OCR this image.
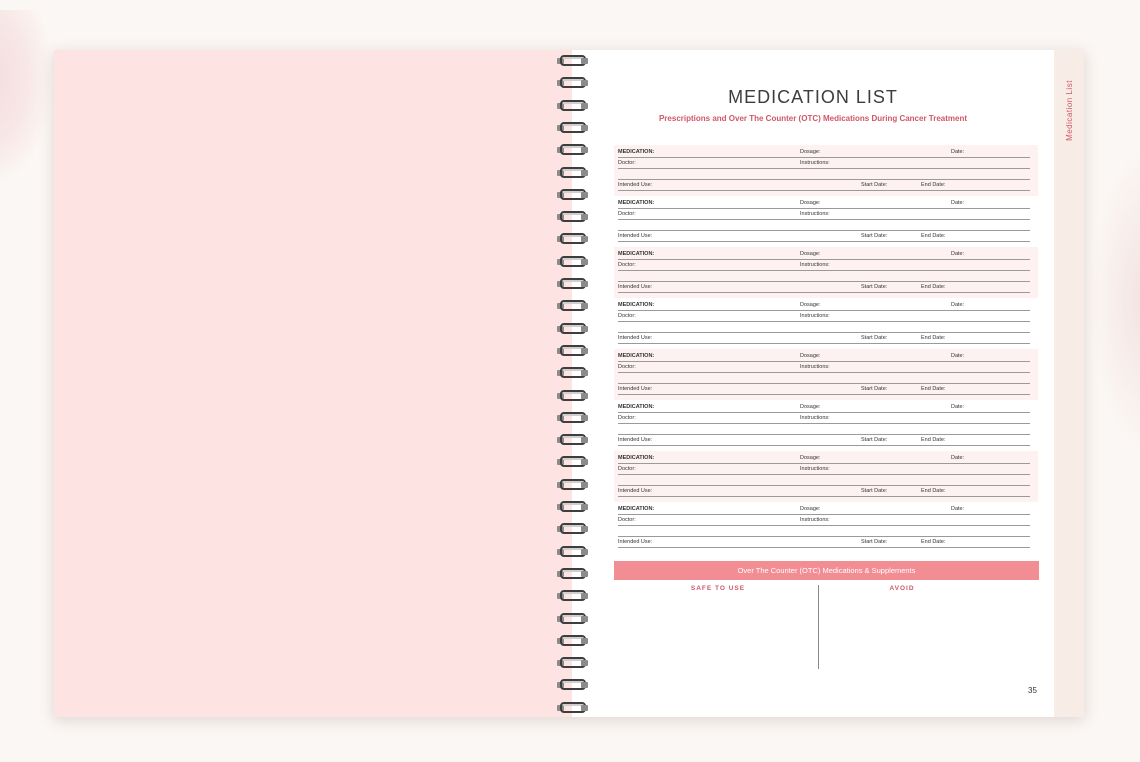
MEDICATION LIST
Prescriptions and Over The Counter (OTC) Medications During Cancer Treatment
MEDICATION:	Dosage:	Date:
Doctor:	Instructions:
Intended Use:	Start Date:	End Date:
MEDICATION:	Dosage:	Date:
Doctor:	Instructions:
Intended Use:	Start Date:	End Date:
MEDICATION:	Dosage:	Date:
Doctor:	Instructions:
Intended Use:	Start Date:	End Date:
MEDICATION:	Dosage:	Date:
Doctor:	Instructions:
Intended Use:	Start Date:	End Date:
MEDICATION:	Dosage:	Date:
Doctor:	Instructions:
Intended Use:	Start Date:	End Date:
MEDICATION:	Dosage:	Date:
Doctor:	Instructions:
Intended Use:	Start Date:	End Date:
MEDICATION:	Dosage:	Date:
Doctor:	Instructions:
Intended Use:	Start Date:	End Date:
MEDICATION:	Dosage:	Date:
Doctor:	Instructions:
Intended Use:	Start Date:	End Date:
Over The Counter (OTC) Medications & Supplements
SAFE TO USE	AVOID
35
Medication List
